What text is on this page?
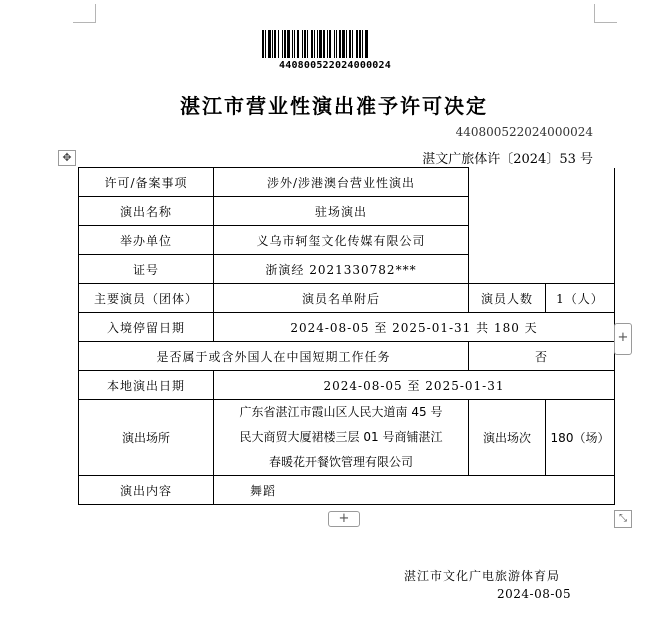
440800522024000024
湛江市营业性演出准予许可决定
440800522024000024
湛文广旅体许〔2024〕53 号
✥
许可/备案事项	涉外/涉港澳台营业性演出		
演出名称	驻场演出		
举办单位	义乌市轲玺文化传媒有限公司		
证号	浙演经 2021330782***		
主要演员（团体）	演员名单附后	演员人数	1（人）
入境停留日期	2024-08-05 至 2025-01-31 共 180 天		
是否属于或含外国人在中国短期工作任务		否	
本地演出日期	2024-08-05 至 2025-01-31		
演出场所	广东省湛江市霞山区人民大道南 45 号
民大商贸大厦裙楼三层 01 号商铺湛江
春暖花开餐饮管理有限公司	演出场次	180（场）
演出内容	舞蹈		
+
+	⤡
湛江市文化广电旅游体育局
2024-08-05
